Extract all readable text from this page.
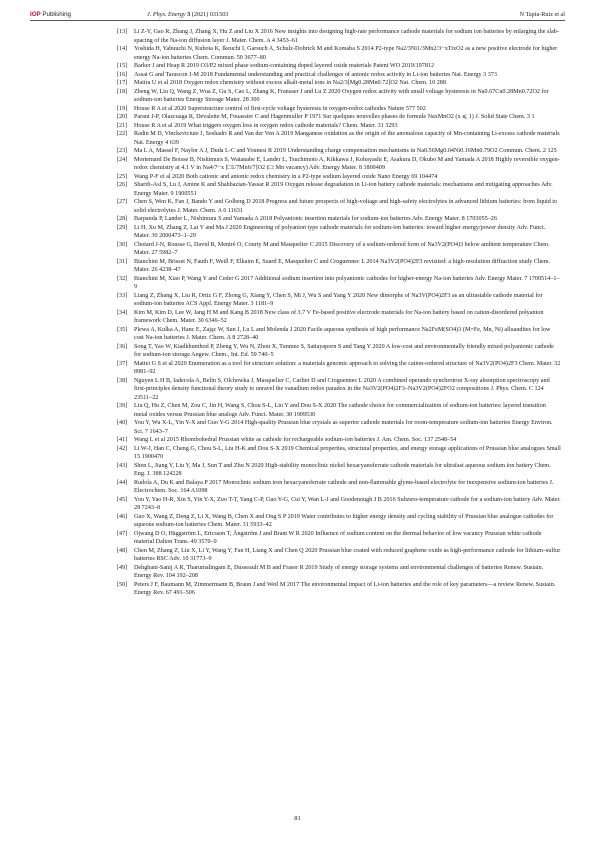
IOP Publishing	J. Phys. Energy 3 (2021) 031503	N Tapia-Ruiz et al
[13] Li Z-Y, Gao R, Zhang J, Zhang X, Hu Z and Liu X 2016 New insights into designing high-rate performance cathode materials for sodium ion batteries by enlarging the slab-spacing of the Na-ion diffusion layer J. Mater. Chem. A 4 3453–61
[14] Yoshida H, Yabuuchi N, Kubota K, Ikeuchi I, Garsuch A, Schulz-Dobrick M and Komaba S 2014 P2-type Na2/3Ni1/3Mn2/3−xTixO2 as a new positive electrode for higher energy Na-ion batteries Chem. Commun. 50 3677–80
[15] Barker J and Heap R 2019 O3/P2 mixed phase sodium-containing doped layered oxide materials Patent WO 2019/197812
[16] Assat G and Tarascon J-M 2018 Fundamental understanding and practical challenges of anionic redox activity in Li-ion batteries Nat. Energy 3 373
[17] Maitra U et al 2018 Oxygen redox chemistry without excess alkali-metal ions in Na2/3[Mg0.28Mn0.72]O2 Nat. Chem. 10 288
[18] Zheng W, Liu Q, Wang Z, Wua Z, Gu S, Cao L, Zhang K, Fransaer J and Lu Z 2020 Oxygen redox activity with small voltage hysteresis in Na0.67Cu0.28Mn0.72O2 for sodium-ion batteries Energy Storage Mater. 28 300
[19] House R A et al 2020 Superstructure control of first-cycle voltage hysteresis in oxygen-redox cathodes Nature 577 502
[20] Parant J-P, Olazcuaga R, Devalette M, Fouassier C and Hagenmuller P 1971 Sur quelques nouvelles phases de formule NaxMnO2 (x ⩽ 1) J. Solid State Chem. 3 1
[21] House R A et al 2019 What triggers oxygen loss in oxygen redox cathode materials? Chem. Mater. 31 3293
[22] Radin M D, Vinckeviciute J, Seshadri R and Van der Ven A 2019 Manganese oxidation as the origin of the anomalous capacity of Mn-containing Li-excess cathode materials Nat. Energy 4 639
[23] Ma L A, Massel F, Naylor A J, Duda L-C and Younesi R 2019 Understanding charge compensation mechanisms in Na0.56Mg0.04Ni0.16Mn0.79O2 Commun. Chem. 2 125
[24] Mortemard De Boisse B, Nishimura S, Watanabe E, Lander L, Tsuchimoto A, Kikkawa J, Kobayashi E, Asakura D, Okubo M and Yamada A 2018 Highly reversible oxygen-redox chemistry at 4.1 V in Na4/7−x [□1/7Mn6/7]O2 (□: Mn vacancy) Adv. Energy Mater. 8 1800409
[25] Wang P-F et al 2020 Both cationic and anionic redox chemistry in a P2-type sodium layered oxide Nano Energy 69 104474
[26] Sharifi-Asl S, Lu J, Amine K and Shahbazian-Yassar R 2019 Oxygen release degradation in Li-ion battery cathode materials: mechanisms and mitigating approaches Adv. Energy Mater. 9 1900551
[27] Chen S, Wen K, Fan J, Bando Y and Golberg D 2018 Progress and future prospects of high-voltage and high-safety electrolytes in advanced lithium batteries: from liquid to solid electrolytes J. Mater. Chem. A 6 11631
[28] Barpanda P, Lander L, Nishimura S and Yamada A 2018 Polyanionic insertion materials for sodium-ion batteries Adv. Energy Mater. 8 1703055–26
[29] Li H, Xu M, Zhang Z, Lai Y and Ma J 2020 Engineering of polyanion type cathode materials for sodium-ion batteries: toward higher energy/power density Adv. Funct. Mater. 30 2000473–1–29
[30] Chotard J-N, Rousse G, David R, Mentré O, Courty M and Masquelier C 2015 Discovery of a sodium-ordered form of Na3V2(PO4)3 below ambient temperature Chem. Mater. 27 5982–7
[31] Bianchini M, Brisset N, Fauth F, Weill F, Elkaim E, Suard E, Masquelier C and Croguennec L 2014 Na3V2(PO4)2F3 revisited: a high-resolution diffraction study Chem. Mater. 26 4238–47
[32] Bianchini M, Xiao P, Wang Y and Ceder G 2017 Additional sodium insertion into polyanionic cathodes for higher-energy Na-ion batteries Adv. Energy Mater. 7 1700514–1–9
[33] Liang Z, Zhang X, Liu R, Ortiz G F, Zhong G, Xiang Y, Chen S, Mi J, Wu S and Yang Y 2020 New dimorphs of Na3V(PO4)2F3 as an ultrastable cathode material for sodium-ion batteries ACS Appl. Energy Mater. 3 1181–9
[34] Kim M, Kim D, Lee W, Jang H M and Kang B 2018 New class of 3.7 V Fe-based positive electrode materials for Na-ion battery based on cation-disordered polyanion framework Chem. Mater. 30 6346–52
[35] Plewa A, Kulka A, Hanc E, Zając W, Sun J, Lu L and Molenda J 2020 Facile aqueous synthesis of high performance Na2FeM(SO4)3 (M=Fe, Mn, Ni) alluaudites for low cost Na-ion batteries J. Mater. Chem. A 8 2728–40
[36] Song T, Yao W, Kiadkhunthod P, Zheng Y, Wu N, Zhou X, Tunmee S, Sattayaporn S and Tang Y 2020 A low-cost and environmentally friendly mixed polyanionic cathode for sodium-ion storage Angew. Chem., Int. Ed. 59 740–5
[37] Mattei G S et al 2020 Enumeration as a tool for structure solution: a materials genomic approach to solving the cation-ordered structure of Na3V2(PO4)2F3 Chem. Mater. 32 8981–92
[38] Nguyen L H B, Iadecola A, Belin S, Olchowka J, Masquelier C, Carlier D and Croguennec L 2020 A combined operando synchrotron X-ray absorption spectroscopy and first-principles density functional theory study to unravel the vanadium redox paradox in the Na3V2(PO4)2F3–Na3V2(PO4)2FO2 compositions J. Phys. Chem. C 124 23511–22
[39] Liu Q, Hu Z, Chen M, Zou C, Jin H, Wang S, Chou S-L, Liu Y and Dou S-X 2020 The cathode choice for commercialization of sodium-ion batteries: layered transition metal oxides versus Prussian blue analogs Adv. Funct. Mater. 30 1909530
[40] You Y, Wu X-L, Yin Y-X and Guo Y-G 2014 High-quality Prussian blue crystals as superior cathode materials for room-temperature sodium-ion batteries Energy Environ. Sci. 7 1643–7
[41] Wang L et al 2015 Rhombohedral Prussian white as cathode for rechargeable sodium-ion batteries J. Am. Chem. Soc. 137 2548–54
[42] Li W-J, Han C, Cheng G, Chou S-L, Liu H-K and Dou S-X 2019 Chemical properties, structural properties, and energy storage applications of Prussian blue analogues Small 15 1900470
[43] Shen L, Jiang Y, Liu Y, Ma J, Sun T and Zhu N 2020 High-stability monoclinic nickel hexacyanoferrate cathode materials for ultrafast aqueous sodium ion battery Chem. Eng. J. 388 124228
[44] Rudola A, Du K and Balaya P 2017 Monoclinic sodium iron hexacyanoferrate cathode and non-flammable glyme-based electrolyte for inexpensive sodium-ion batteries J. Electrochem. Soc. 164 A1098
[45] You Y, Yao H-R, Xin S, Yin Y-X, Zuo T-T, Yang C-P, Guo Y-G, Cui Y, Wan L-J and Goodenough J B 2016 Subzero-temperature cathode for a sodium-ion battery Adv. Mater. 28 7243–8
[46] Guo X, Wang Z, Deng Z, Li X, Wang B, Chen X and Ong S P 2019 Water contributes to higher energy density and cycling stability of Prussian blue analogue cathodes for aqueous sodium-ion batteries Chem. Mater. 31 5933–42
[47] Ojwang D O, Häggström L, Ericsson T, Ångström J and Brant W R 2020 Influence of sodium content on the thermal behavior of low vacancy Prussian white cathode material Dalton Trans. 49 3570–9
[48] Chen M, Zhang Z, Liu X, Li Y, Wang Y, Fan H, Liang X and Chen Q 2020 Prussian blue coated with reduced graphene oxide as high-performance cathode for lithium–sulfur batteries RSC Adv. 10 31773–9
[49] Dehghani-Sanij A R, Tharumalingam E, Dusseault M B and Fraser R 2019 Study of energy storage systems and environmental challenges of batteries Renew. Sustain. Energy Rev. 104 192–208
[50] Peters J F, Baumann M, Zimmermann B, Braun J and Weil M 2017 The environmental impact of Li-ion batteries and the role of key parameters—a review Renew. Sustain. Energy Rev. 67 491–506
81
